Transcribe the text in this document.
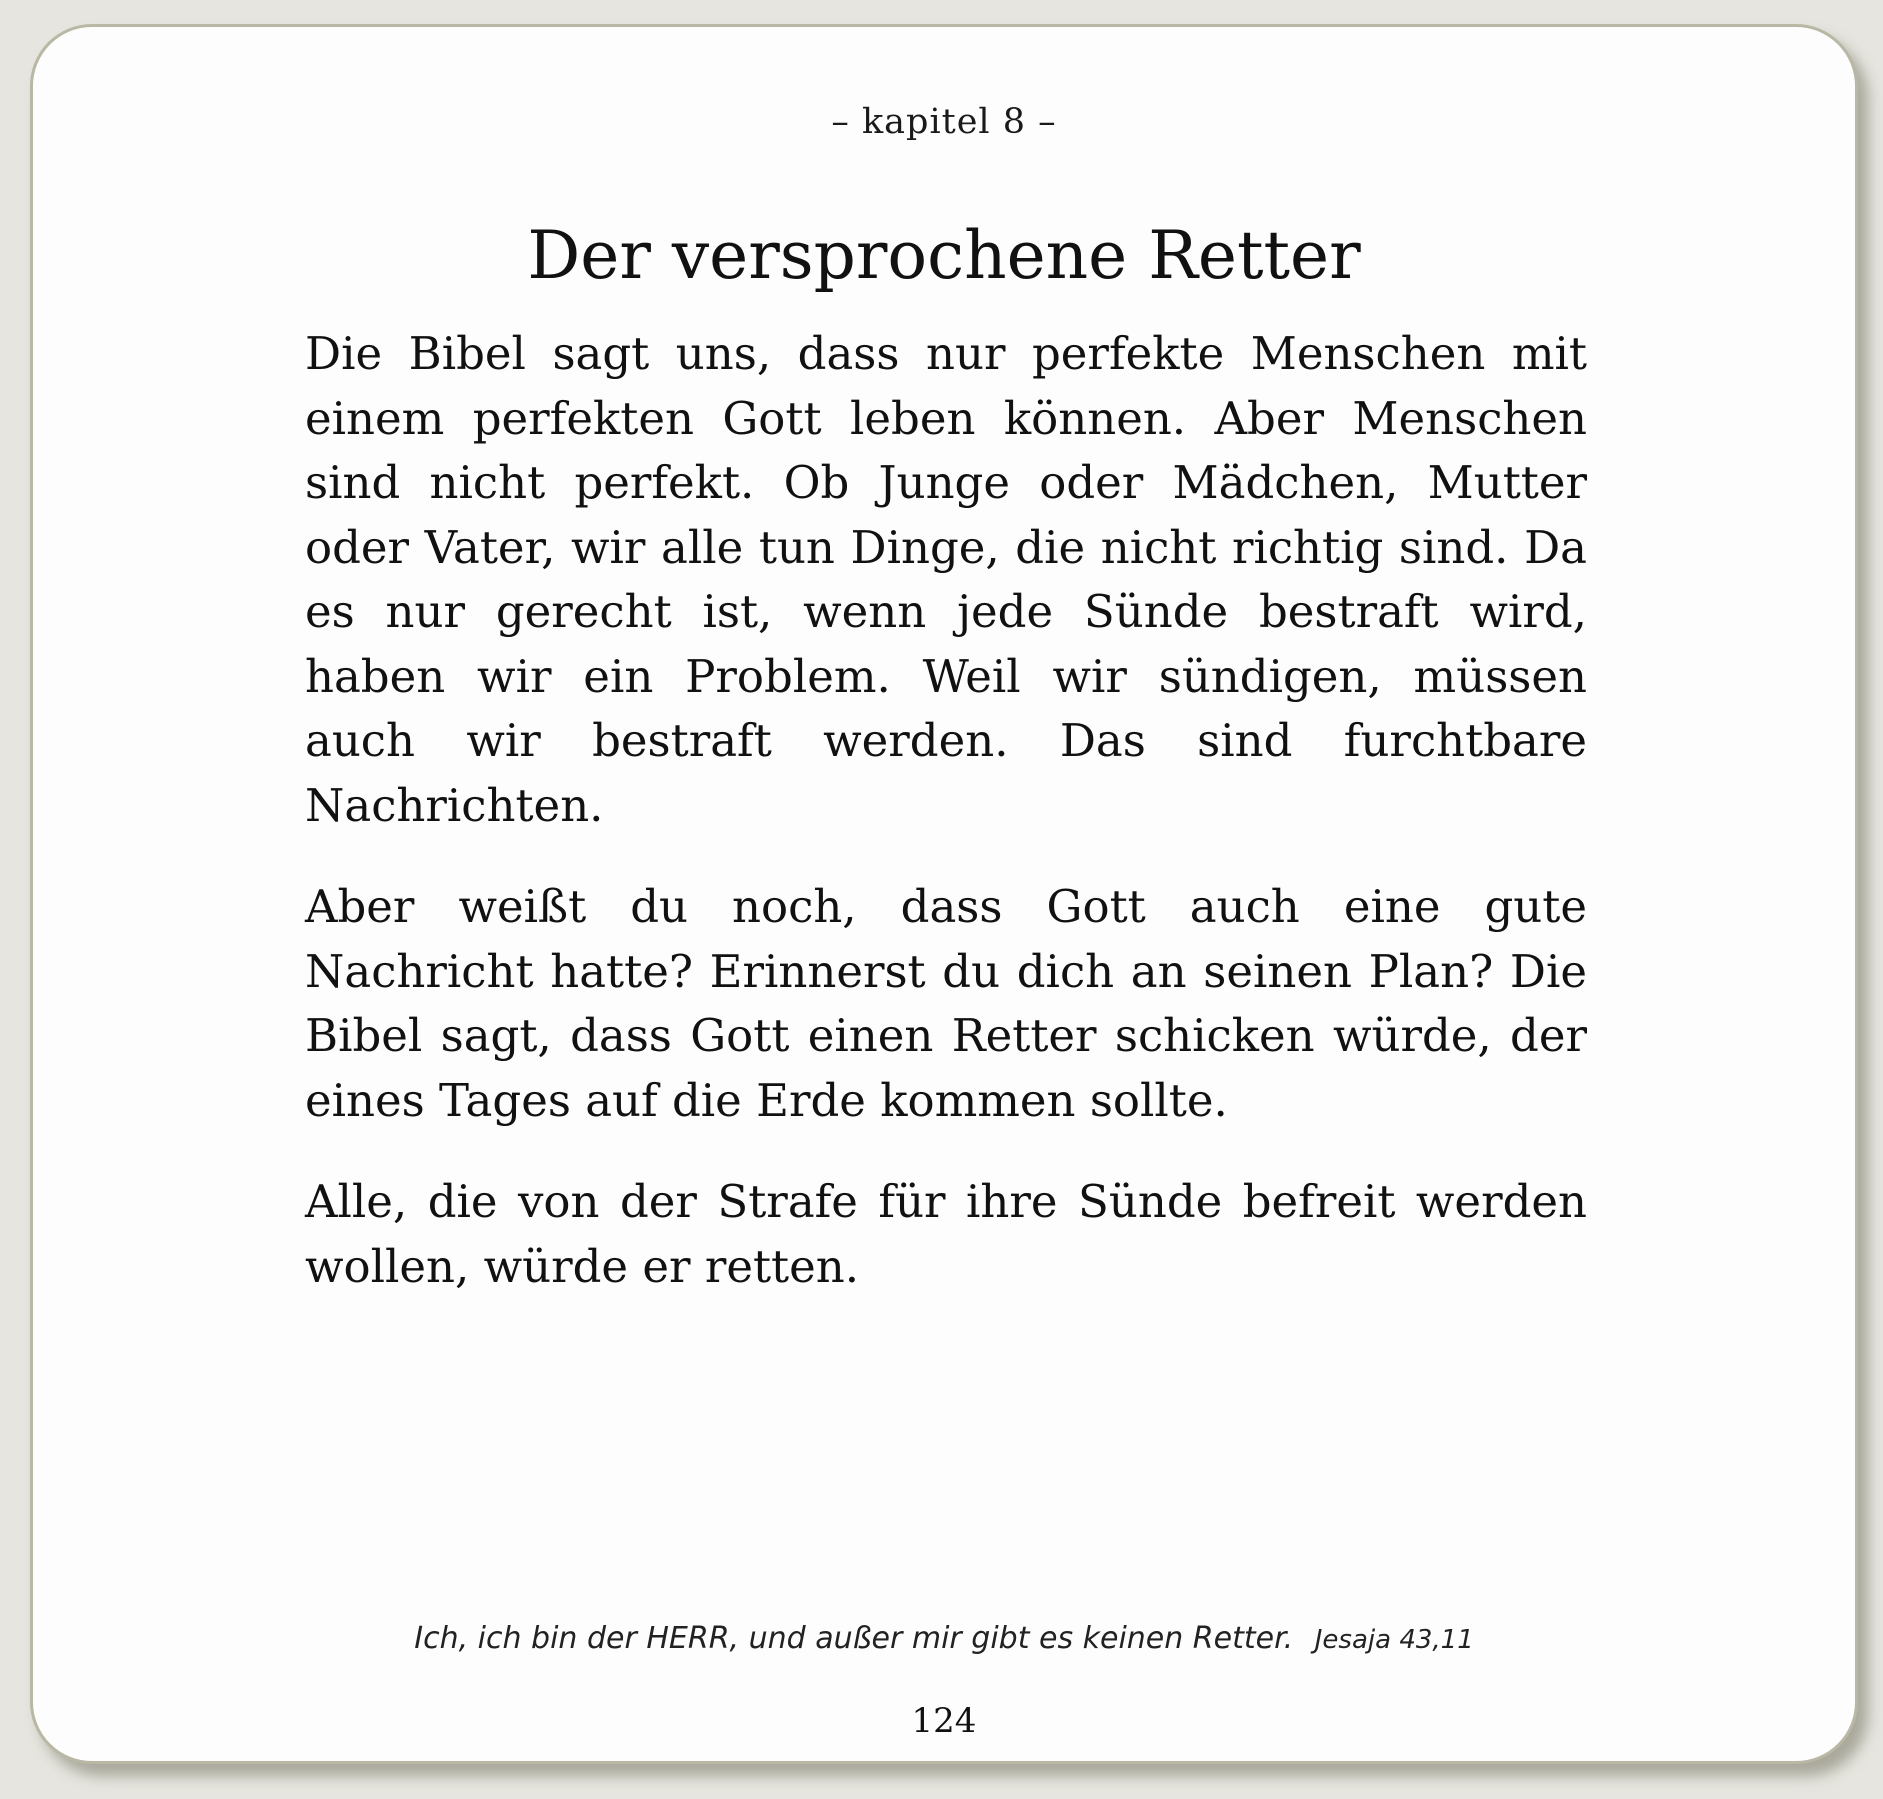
– kapitel 8 –
Der versprochene Retter

Die Bibel sagt uns, dass nur perfekte Menschen mit einem perfekten Gott leben können. Aber Menschen sind nicht perfekt. Ob Junge oder Mädchen, Mutter oder Vater, wir alle tun Dinge, die nicht richtig sind. Da es nur gerecht ist, wenn jede Sünde bestraft wird, haben wir ein Problem. Weil wir sündigen, müssen auch wir bestraft werden. Das sind furchtbare Nachrichten.

Aber weißt du noch, dass Gott auch eine gute Nachricht hatte? Erinnerst du dich an seinen Plan? Die Bibel sagt, dass Gott einen Retter schicken würde, der eines Tages auf die Erde kommen sollte.

Alle, die von der Strafe für ihre Sünde befreit werden wollen, würde er retten.

Ich, ich bin der HERR, und außer mir gibt es keinen Retter. Jesaja 43,11
124
